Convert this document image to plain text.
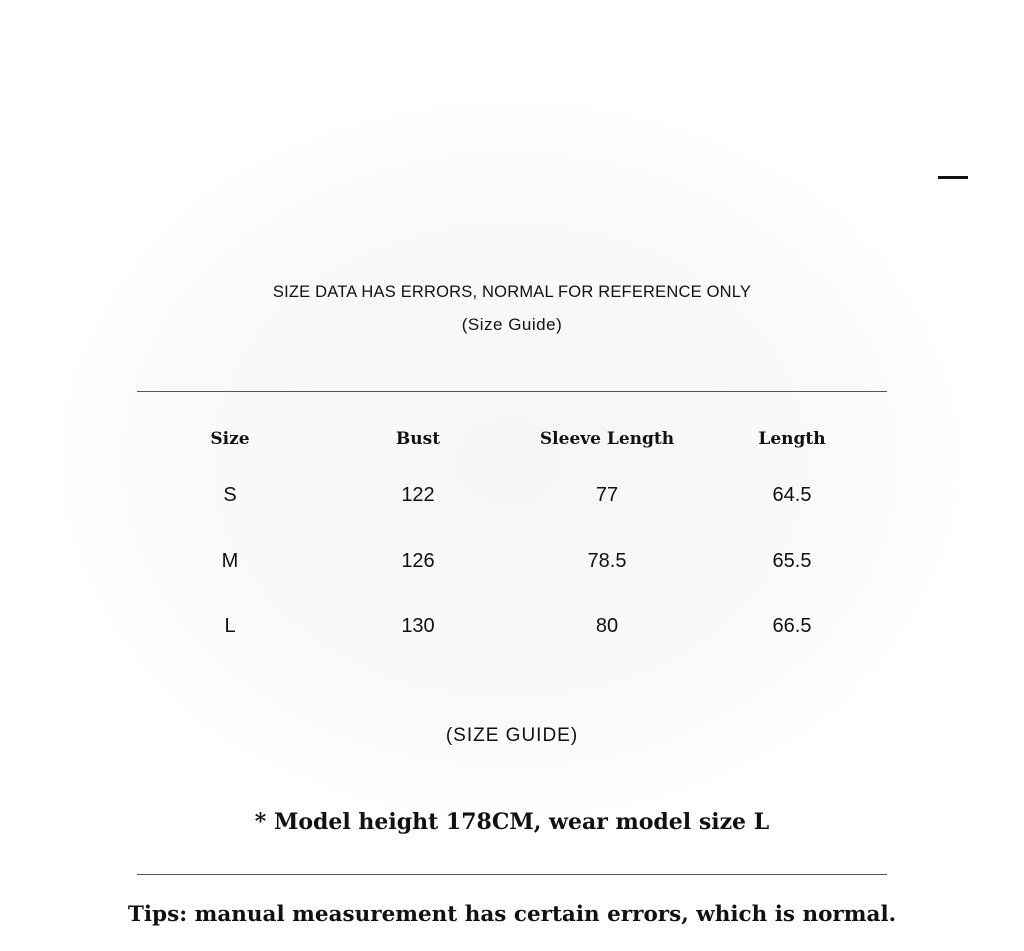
SIZE DATA HAS ERRORS, NORMAL FOR REFERENCE ONLY
(Size Guide)
Size	Bust	Sleeve Length	Length
S	122	77	64.5
M	126	78.5	65.5
L	130	80	66.5
(SIZE GUIDE)
* Model height 178CM, wear model size L
Tips: manual measurement has certain errors, which is normal.
